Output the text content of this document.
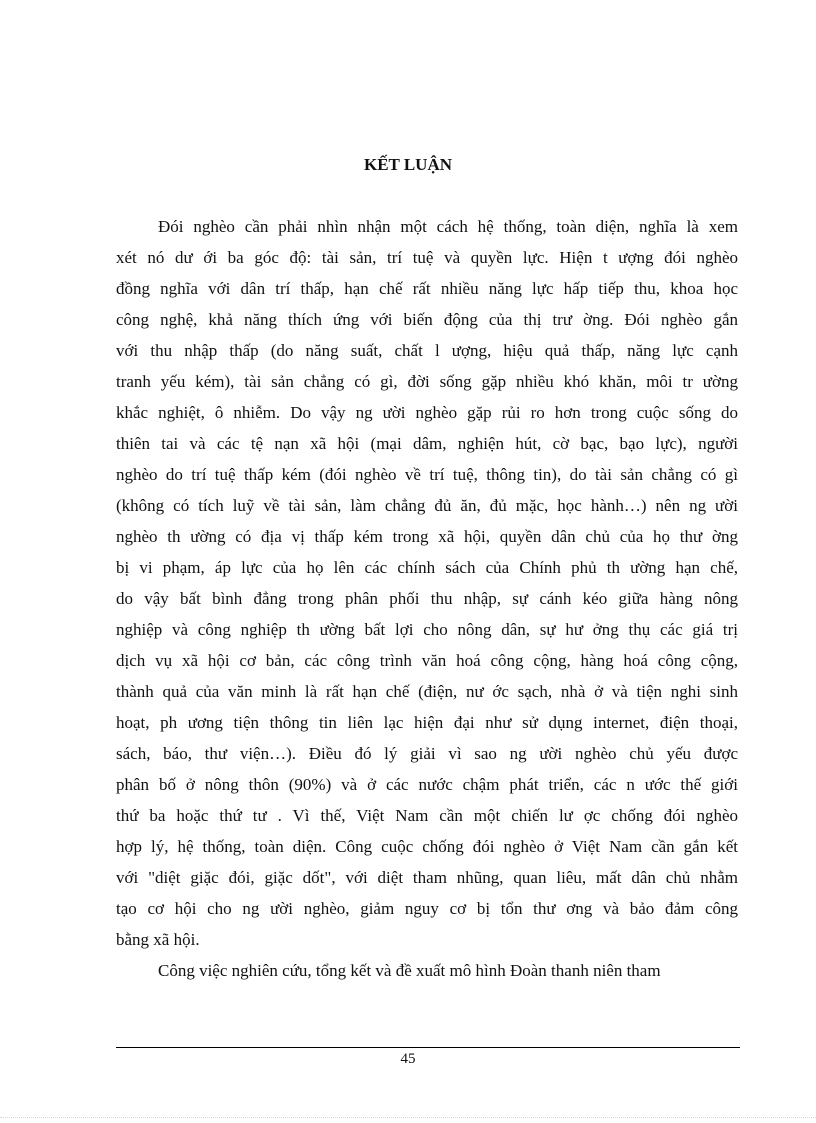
KẾT LUẬN
Đói nghèo cần phải nhìn nhận một cách hệ thống, toàn diện, nghĩa là xem
xét nó dư ới ba góc độ: tài sản, trí tuệ và quyền lực. Hiện t ượng đói nghèo
đồng nghĩa với dân trí thấp, hạn chế rất nhiều năng lực hấp tiếp thu, khoa học
công nghệ, khả năng thích ứng với biến động của thị trư ờng. Đói nghèo gắn
với thu nhập thấp (do năng suất, chất l ượng, hiệu quả thấp, năng lực cạnh
tranh yếu kém), tài sản chẳng có gì, đời sống gặp nhiều khó khăn, môi tr ường
khắc nghiệt, ô nhiễm. Do vậy ng ười nghèo gặp rủi ro hơn trong cuộc sống do
thiên tai và các tệ nạn xã hội (mại dâm, nghiện hút, cờ bạc, bạo lực), người
nghèo do trí tuệ thấp kém (đói nghèo về trí tuệ, thông tin), do tài sản chẳng có gì
(không có tích luỹ về tài sản, làm chẳng đủ ăn, đủ mặc, học hành…) nên ng ười
nghèo th ường có địa vị thấp kém trong xã hội, quyền dân chủ của họ thư ờng
bị vi phạm, áp lực của họ lên các chính sách của Chính phủ th ường hạn chế,
do vậy bất bình đẳng trong phân phối thu nhập, sự cánh kéo giữa hàng nông
nghiệp và công nghiệp th ường bất lợi cho nông dân, sự hư ởng thụ các giá trị
dịch vụ xã hội cơ bản, các công trình văn hoá công cộng, hàng hoá công cộng,
thành quả của văn minh là rất hạn chế (điện, nư ớc sạch, nhà ở và tiện nghi sinh
hoạt, ph ương tiện thông tin liên lạc hiện đại như sử dụng internet, điện thoại,
sách, báo, thư viện…). Điều đó lý giải vì sao ng ười nghèo chủ yếu được
phân bố ở nông thôn (90%) và ở các nước chậm phát triển, các n ước thế giới
thứ ba hoặc thứ tư . Vì thế, Việt Nam cần một chiến lư ợc chống đói nghèo
hợp lý, hệ thống, toàn diện. Công cuộc chống đói nghèo ở Việt Nam cần gắn kết
với "diệt giặc đói, giặc dốt", với diệt tham nhũng, quan liêu, mất dân chủ nhằm
tạo cơ hội cho ng ười nghèo, giảm nguy cơ bị tổn thư ơng và bảo đảm công
bằng xã hội.
Công việc nghiên cứu, tổng kết và đề xuất mô hình Đoàn thanh niên tham
45
